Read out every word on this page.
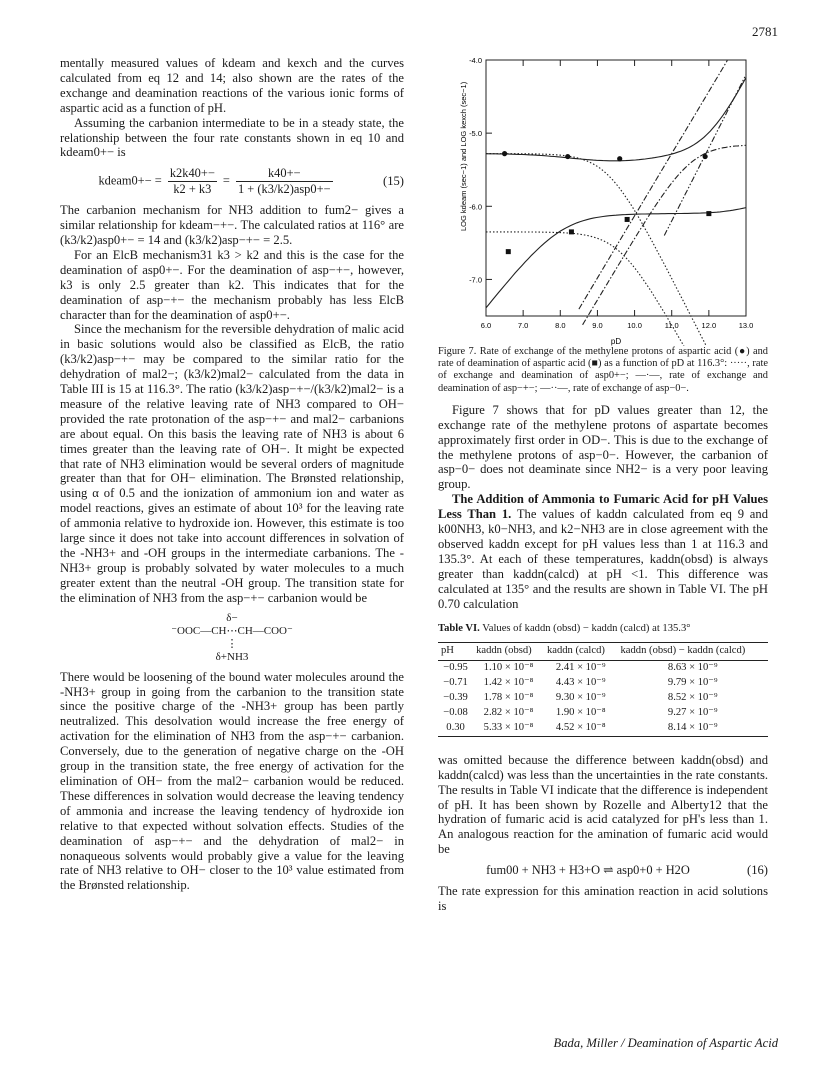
2781

mentally measured values of kdeam and kexch and the curves calculated from eq 12 and 14; also shown are the rates of the exchange and deamination reactions of the various ionic forms of aspartic acid as a function of pH.

Assuming the carbanion intermediate to be in a steady state, the relationship between the four rate constants shown in eq 10 and kdeam0+− is

kdeam0+− = $\frac{k2k40+-}{k2 + k3} = \frac{k40+-}{\text{1 + (k3/k2)asp0+−}}$	(15)

The carbanion mechanism for NH3 addition to fum2− gives a similar relationship for kdeam−+−. The calculated ratios at 116° are (k3/k2)asp0+− = 14 and (k3/k2)asp−+− = 2.5.

For an ElcB mechanism31 k3 > k2 and this is the case for the deamination of asp0+−. For the deamination of asp−+−, however, k3 is only 2.5 greater than k2. This indicates that for the deamination of asp−+− the mechanism probably has less ElcB character than for the deamination of asp0+−.

Since the mechanism for the reversible dehydration of malic acid in basic solutions would also be classified as ElcB, the ratio (k3/k2)asp−+− may be compared to the similar ratio for the dehydration of mal2−; (k3/k2)mal2− calculated from the data in Table III is 15 at 116.3°. The ratio (k3/k2)asp−+−/(k3/k2)mal2− is a measure of the relative leaving rate of NH3 compared to OH− provided the rate protonation of the asp−+− and mal2− carbanions are about equal. On this basis the leaving rate of NH3 is about 6 times greater than the leaving rate of OH−. It might be expected that rate of NH3 elimination would be several orders of magnitude greater than that for OH− elimination. The Brønsted relationship, using α of 0.5 and the ionization of ammonium ion and water as model reactions, gives an estimate of about 10³ for the leaving rate of ammonia relative to hydroxide ion. However, this estimate is too large since it does not take into account differences in solvation of the -NH3+ and -OH groups in the intermediate carbanions. The -NH3+ group is probably solvated by water molecules to a much greater extent than the neutral -OH group. The transition state for the elimination of NH3 from the asp−+− carbanion would be

δ−
⁻OOC—CH⋯CH—COO⁻
⋮
δ+NH3

There would be loosening of the bound water molecules around the -NH3+ group in going from the carbanion to the transition state since the positive charge of the -NH3+ group has been partly neutralized. This desolvation would increase the free energy of activation for the elimination of NH3 from the asp−+− carbanion. Conversely, due to the generation of negative charge on the -OH group in the transition state, the free energy of activation for the elimination of OH− from the mal2− carbanion would be reduced. These differences in solvation would decrease the leaving tendency of ammonia and increase the leaving tendency of hydroxide ion relative to that expected without solvation effects. Studies of the deamination of asp−+− and the dehydration of mal2− in nonaqueous solvents would probably give a value for the leaving rate of NH3 relative to OH− closer to the 10³ value estimated from the Brønsted relationship.

-4.0
-5.0
-6.0
-7.0
6.0	7.0	8.0	9.0	10.0	11.0	12.0	13.0
LOG kdeam (sec−1) and LOG kexch (sec−1)
pD

Figure 7. Rate of exchange of the methylene protons of aspartic acid (●) and rate of deamination of aspartic acid (■) as a function of pD at 116.3°: ·····, rate of exchange and deamination of asp0+−; —·—, rate of exchange and deamination of asp−+−; —··—, rate of exchange of asp−0−.

Figure 7 shows that for pD values greater than 12, the exchange rate of the methylene protons of aspartate becomes approximately first order in OD−. This is due to the exchange of the methylene protons of asp−0−. However, the carbanion of asp−0− does not deaminate since NH2− is a very poor leaving group.

The Addition of Ammonia to Fumaric Acid for pH Values Less Than 1. The values of kaddn calculated from eq 9 and k00NH3, k0−NH3, and k2−NH3 are in close agreement with the observed kaddn except for pH values less than 1 at 116.3 and 135.3°. At each of these temperatures, kaddn(obsd) is always greater than kaddn(calcd) at pH <1. This difference was calculated at 135° and the results are shown in Table VI. The pH 0.70 calculation

Table VI. Values of kaddn (obsd) − kaddn (calcd) at 135.3°
pH	kaddn (obsd)	kaddn (calcd)	kaddn (obsd) − kaddn (calcd)
−0.95	1.10 × 10⁻⁸	2.41 × 10⁻⁹	8.63 × 10⁻⁹
−0.71	1.42 × 10⁻⁸	4.43 × 10⁻⁹	9.79 × 10⁻⁹
−0.39	1.78 × 10⁻⁸	9.30 × 10⁻⁹	8.52 × 10⁻⁹
−0.08	2.82 × 10⁻⁸	1.90 × 10⁻⁸	9.27 × 10⁻⁹
0.30	5.33 × 10⁻⁸	4.52 × 10⁻⁸	8.14 × 10⁻⁹

was omitted because the difference between kaddn(obsd) and kaddn(calcd) was less than the uncertainties in the rate constants. The results in Table VI indicate that the difference is independent of pH. It has been shown by Rozelle and Alberty12 that the hydration of fumaric acid is acid catalyzed for pH's less than 1. An analogous reaction for the amination of fumaric acid would be

fum00 + NH3 + H3+O ⇌ asp0+0 + H2O	(16)

The rate expression for this amination reaction in acid solutions is

Bada, Miller / Deamination of Aspartic Acid
